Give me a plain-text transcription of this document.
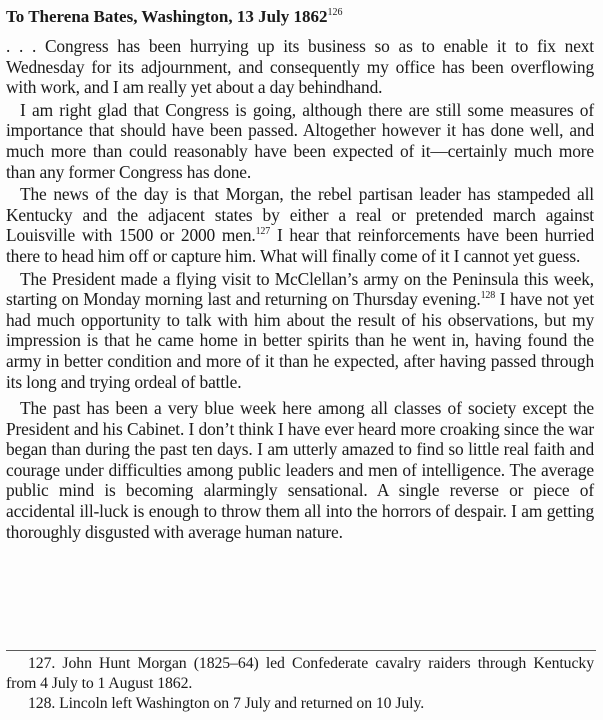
To Therena Bates, Washington, 13 July 1862$^{126}$

. . . Congress has been hurrying up its business so as to enable it to fix next Wednesday for its adjournment, and consequently my office has been overflowing with work, and I am really yet about a day behindhand.

I am right glad that Congress is going, although there are still some measures of importance that should have been passed. Altogether however it has done well, and much more than could reasonably have been expected of it—certainly much more than any former Congress has done.

The news of the day is that Morgan, the rebel partisan leader has stampeded all Kentucky and the adjacent states by either a real or pretended march against Louisville with 1500 or 2000 men.$^{127}$ I hear that reinforcements have been hurried there to head him off or capture him. What will finally come of it I cannot yet guess.

The President made a flying visit to McClellan’s army on the Peninsula this week, starting on Monday morning last and returning on Thursday evening.$^{128}$ I have not yet had much opportunity to talk with him about the result of his observations, but my impression is that he came home in better spirits than he went in, having found the army in better condition and more of it than he expected, after having passed through its long and trying ordeal of battle.

The past has been a very blue week here among all classes of society except the President and his Cabinet. I don’t think I have ever heard more croaking since the war began than during the past ten days. I am utterly amazed to find so little real faith and courage under difficulties among public leaders and men of intelligence. The average public mind is becoming alarmingly sensational. A single reverse or piece of accidental ill-luck is enough to throw them all into the horrors of despair. I am getting thoroughly disgusted with average human nature.

127. John Hunt Morgan (1825–64) led Confederate cavalry raiders through Kentucky from 4 July to 1 August 1862.

128. Lincoln left Washington on 7 July and returned on 10 July.
